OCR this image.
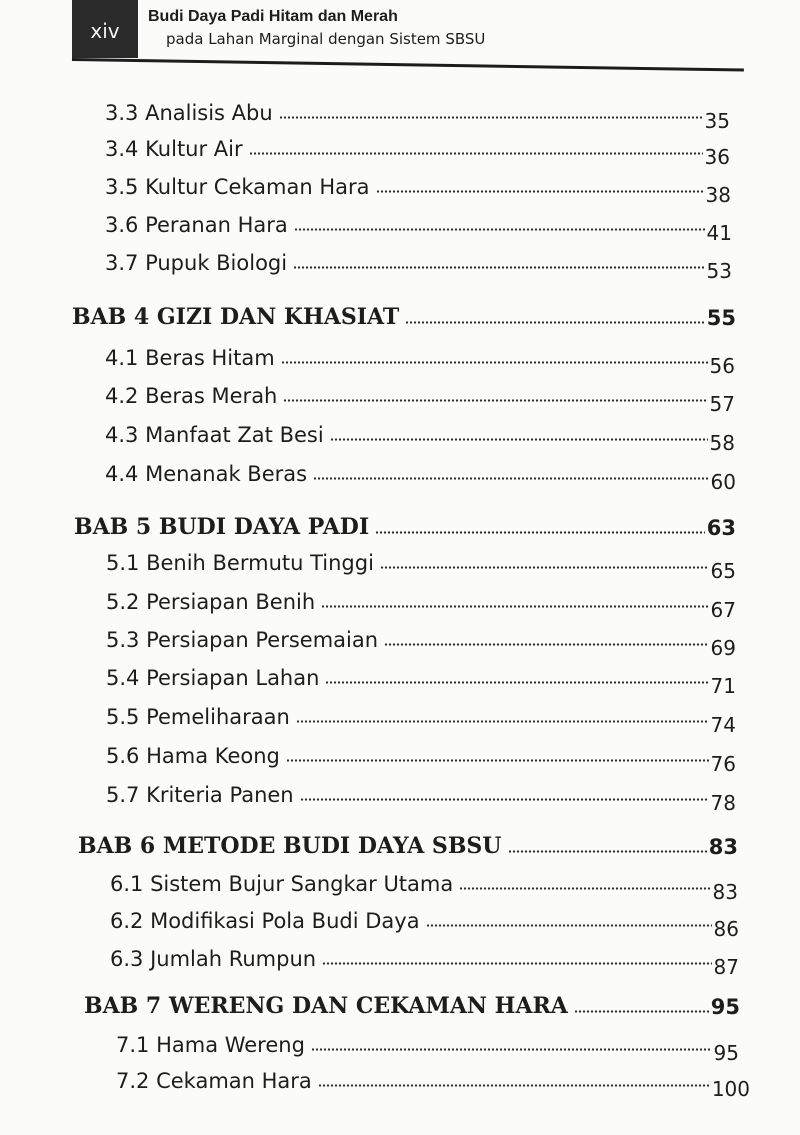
xiv
Budi Daya Padi Hitam dan Merah
pada Lahan Marginal dengan Sistem SBSU
3.3 Analisis Abu	35
3.4 Kultur Air	36
3.5 Kultur Cekaman Hara	38
3.6 Peranan Hara	41
3.7 Pupuk Biologi	53
BAB 4 GIZI DAN KHASIAT	55
4.1 Beras Hitam	56
4.2 Beras Merah	57
4.3 Manfaat Zat Besi	58
4.4 Menanak Beras	60
BAB 5 BUDI DAYA PADI	63
5.1 Benih Bermutu Tinggi	65
5.2 Persiapan Benih	67
5.3 Persiapan Persemaian	69
5.4 Persiapan Lahan	71
5.5 Pemeliharaan	74
5.6 Hama Keong	76
5.7 Kriteria Panen	78
BAB 6 METODE BUDI DAYA SBSU	83
6.1 Sistem Bujur Sangkar Utama	83
6.2 Modifikasi Pola Budi Daya	86
6.3 Jumlah Rumpun	87
BAB 7 WERENG DAN CEKAMAN HARA	95
7.1 Hama Wereng	95
7.2 Cekaman Hara	100
